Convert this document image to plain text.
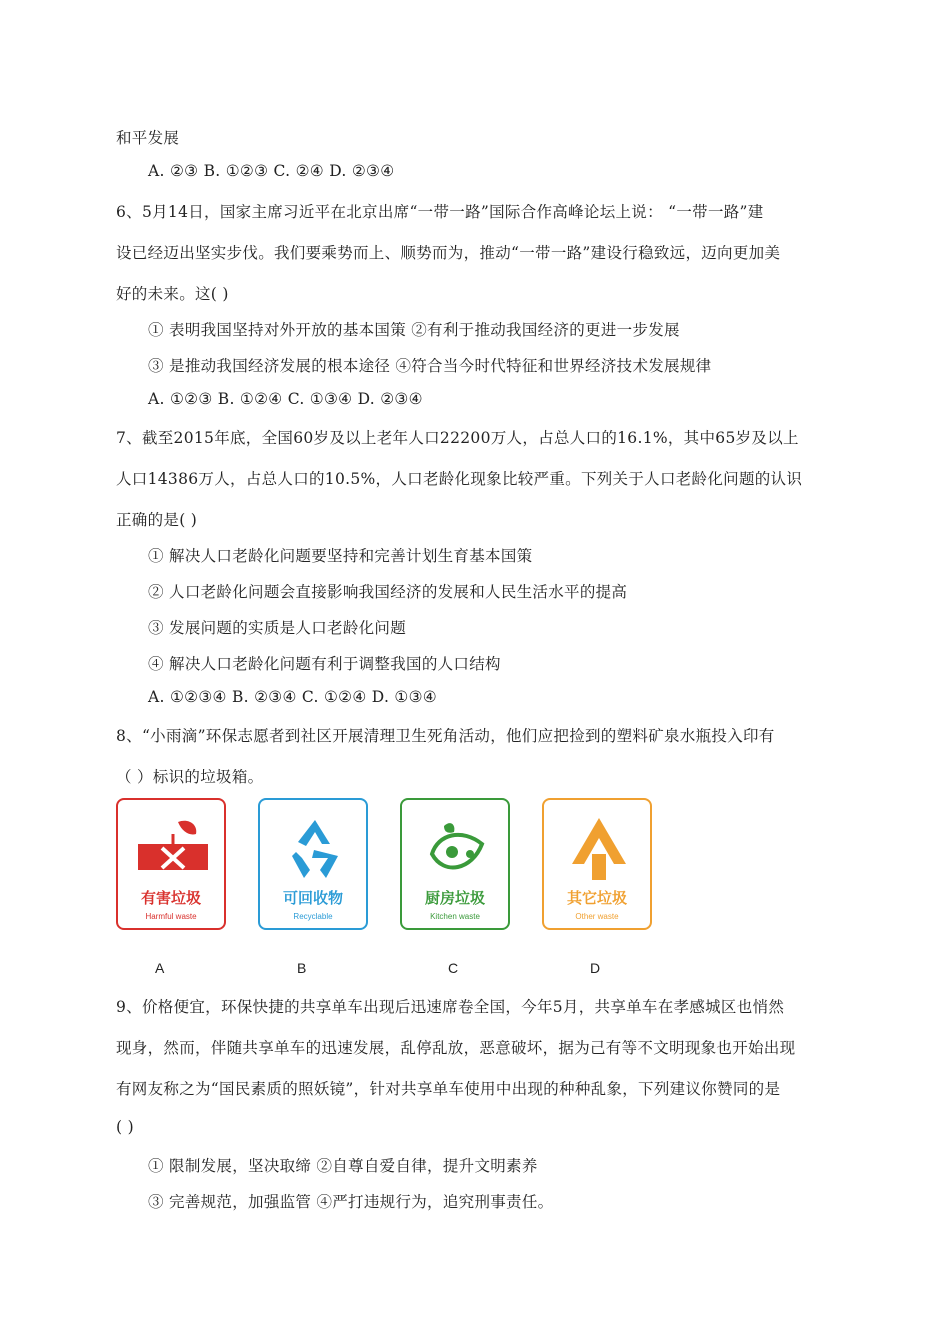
和平发展
A. ②③ B. ①②③ C. ②④ D. ②③④
6、5月14日，国家主席习近平在北京出席“一带一路”国际合作高峰论坛上说： “一带一路”建
设已经迈出坚实步伐。我们要乘势而上、顺势而为，推动“一带一路”建设行稳致远，迈向更加美
好的未来。这( )
① 表明我国坚持对外开放的基本国策 ②有利于推动我国经济的更进一步发展
③ 是推动我国经济发展的根本途径 ④符合当今时代特征和世界经济技术发展规律
A. ①②③ B. ①②④ C. ①③④ D. ②③④
7、截至2015年底，全国60岁及以上老年人口22200万人，占总人口的16.1%，其中65岁及以上
人口14386万人，占总人口的10.5%，人口老龄化现象比较严重。下列关于人口老龄化问题的认识
正确的是( )
① 解决人口老龄化问题要坚持和完善计划生育基本国策
② 人口老龄化问题会直接影响我国经济的发展和人民生活水平的提高
③ 发展问题的实质是人口老龄化问题
④ 解决人口老龄化问题有利于调整我国的人口结构
A. ①②③④ B. ②③④ C. ①②④ D. ①③④
8、“小雨滴”环保志愿者到社区开展清理卫生死角活动，他们应把捡到的塑料矿泉水瓶投入印有
（ ）标识的垃圾箱。
有害垃圾
Harmful waste
可回收物
Recyclable
厨房垃圾
Kitchen waste
其它垃圾
Other waste
A	B	C	D
9、价格便宜，环保快捷的共享单车出现后迅速席卷全国，今年5月，共享单车在孝感城区也悄然
现身，然而，伴随共享单车的迅速发展，乱停乱放，恶意破坏，据为己有等不文明现象也开始出现
有网友称之为“国民素质的照妖镜”，针对共享单车使用中出现的种种乱象，下列建议你赞同的是
( )
① 限制发展，坚决取缔 ②自尊自爱自律，提升文明素养
③ 完善规范，加强监管 ④严打违规行为，追究刑事责任。
